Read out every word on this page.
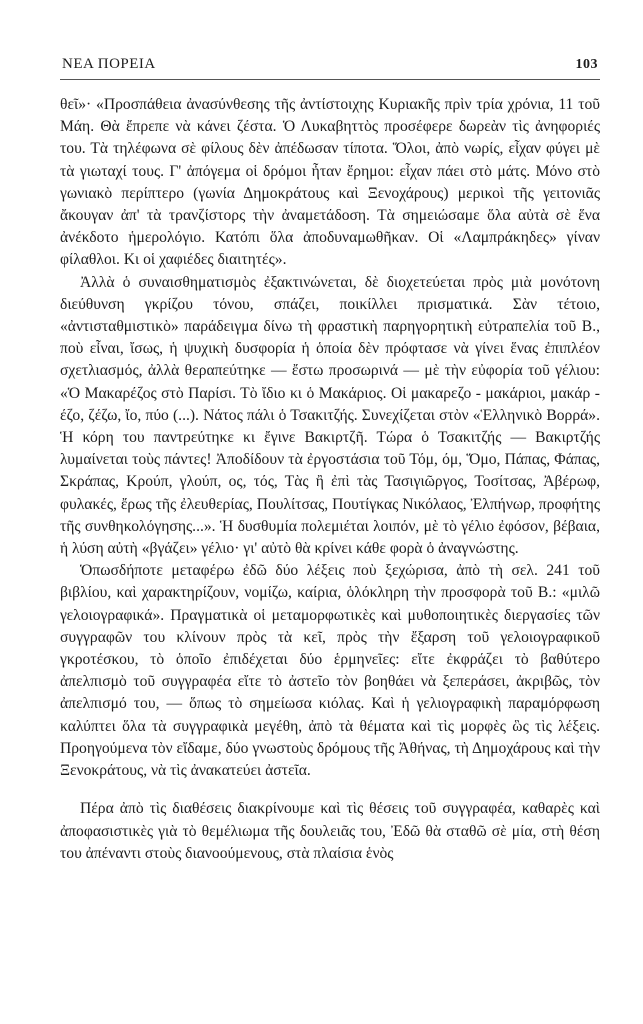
ΝΕΑ ΠΟΡΕΙΑ	103

θεῖ»· «Προσπάθεια ἀνασύνθεσης τῆς ἀντίστοιχης Κυριακῆς πρὶν τρία χρόνια, 11 τοῦ Μάη. Θὰ ἔπρεπε νὰ κάνει ζέστα. Ὁ Λυκαβηττὸς προσέφερε δωρεὰν τὶς ἀνηφοριές του. Τὰ τηλέφωνα σὲ φίλους δὲν ἀπέδωσαν τίποτα. Ὅλοι, ἀπὸ νωρίς, εἶχαν φύγει μὲ τὰ γιωταχί τους. Γ' ἀπόγεμα οἱ δρόμοι ἦταν ἔρημοι: εἶχαν πάει στὸ μάτς. Μόνο στὸ γωνιακὸ περίπτερο (γωνία Δημοκράτους καὶ Ξενοχάρους) μερικοὶ τῆς γειτονιᾶς ἄκουγαν ἀπ' τὰ τρανζίστορς τὴν ἀναμετάδοση. Τὰ σημειώσαμε ὅλα αὐτὰ σὲ ἕνα ἀνέκδοτο ἡμερολόγιο. Κατόπι ὅλα ἀποδυναμωθῆκαν. Οἱ «Λαμπράκηδες» γίναν φίλαθλοι. Κι οἱ χαφιέδες διαιτητές».

Ἀλλὰ ὁ συναισθηματισμὸς ἐξακτινώνεται, δὲ διοχετεύεται πρὸς μιὰ μονότονη διεύθυνση γκρίζου τόνου, σπάζει, ποικίλλει πρισματικά. Σὰν τέτοιο, «ἀντισταθμιστικὸ» παράδειγμα δίνω τὴ φραστικὴ παρηγορητικὴ εὐτραπελία τοῦ Β., ποὺ εἶναι, ἴσως, ἡ ψυχικὴ δυσφορία ἡ ὁποία δὲν πρόφτασε νὰ γίνει ἕνας ἐπιπλέον σχετλιασμός, ἀλλὰ θεραπεύτηκε — ἔστω προσωρινά — μὲ τὴν εὐφορία τοῦ γέλιου: «Ὁ Μακαρέζος στὸ Παρίσι. Τὸ ἴδιο κι ὁ Μακάριος. Οἱ μακαρεζο - μακάριοι, μακάρ - έζο, ζέζω, ἴο, πύο (...). Νάτος πάλι ὁ Τσακιτζής. Συνεχίζεται στὸν «Ἑλληνικὸ Βορρά». Ἡ κόρη του παντρεύτηκε κι ἔγινε Βακιρτζῆ. Τώρα ὁ Τσακιτζής — Βακιρτζής λυμαίνεται τοὺς πάντες! Ἀποδίδουν τὰ ἐργοστάσια τοῦ Τόμ, όμ, Ὅμο, Πάπας, Φάπας, Σκράπας, Κρούπ, γλούπ, ος, τός, Τὰς ἢ ἐπὶ τὰς Τασιγιῶργος, Τοσίτσας, Ἀβέρωφ, φυλακές, ἔρως τῆς ἐλευθερίας, Πουλίτσας, Πουτίγκας Νικόλαος, Ἐλπήνωρ, προφήτης τῆς συνθηκολόγησης...». Ἡ δυσθυμία πολεμιέται λοιπόν, μὲ τὸ γέλιο ἐφόσον, βέβαια, ἡ λύση αὐτὴ «βγάζει» γέλιο· γι' αὐτὸ θὰ κρίνει κάθε φορὰ ὁ ἀναγνώστης.

Ὁπωσδήποτε μεταφέρω ἐδῶ δύο λέξεις ποὺ ξεχώρισα, ἀπὸ τὴ σελ. 241 τοῦ βιβλίου, καὶ χαρακτηρίζουν, νομίζω, καίρια, ὁλόκληρη τὴν προσφορὰ τοῦ Β.: «μιλῶ γελοιογραφικά». Πραγματικὰ οἱ μεταμορφωτικὲς καὶ μυθοποιητικὲς διεργασίες τῶν συγγραφῶν του κλίνουν πρὸς τὰ κεῖ, πρὸς τὴν ἔξαρση τοῦ γελοιογραφικοῦ γκροτέσκου, τὸ ὁποῖο ἐπιδέχεται δύο ἑρμηνεῖες: εἴτε ἐκφράζει τὸ βαθύτερο ἀπελπισμὸ τοῦ συγγραφέα εἴτε τὸ ἀστεῖο τὸν βοηθάει νὰ ξεπεράσει, ἀκριβῶς, τὸν ἀπελπισμό του, — ὅπως τὸ σημείωσα κιόλας. Καὶ ἡ γελιογραφικὴ παραμόρφωση καλύπτει ὅλα τὰ συγγραφικὰ μεγέθη, ἀπὸ τὰ θέματα καὶ τὶς μορφὲς ὣς τὶς λέξεις. Προηγούμενα τὸν εἴδαμε, δύο γνωστοὺς δρόμους τῆς Ἀθήνας, τὴ Δημοχάρους καὶ τὴν Ξενοκράτους, νὰ τὶς ἀνακατεύει ἀστεῖα.

Πέρα ἀπὸ τὶς διαθέσεις διακρίνουμε καὶ τὶς θέσεις τοῦ συγγραφέα, καθαρὲς καὶ ἀποφασιστικὲς γιὰ τὸ θεμέλιωμα τῆς δουλειᾶς του, Ἐδῶ θὰ σταθῶ σὲ μία, στὴ θέση του ἀπέναντι στοὺς διανοούμενους, στὰ πλαίσια ἑνὸς
